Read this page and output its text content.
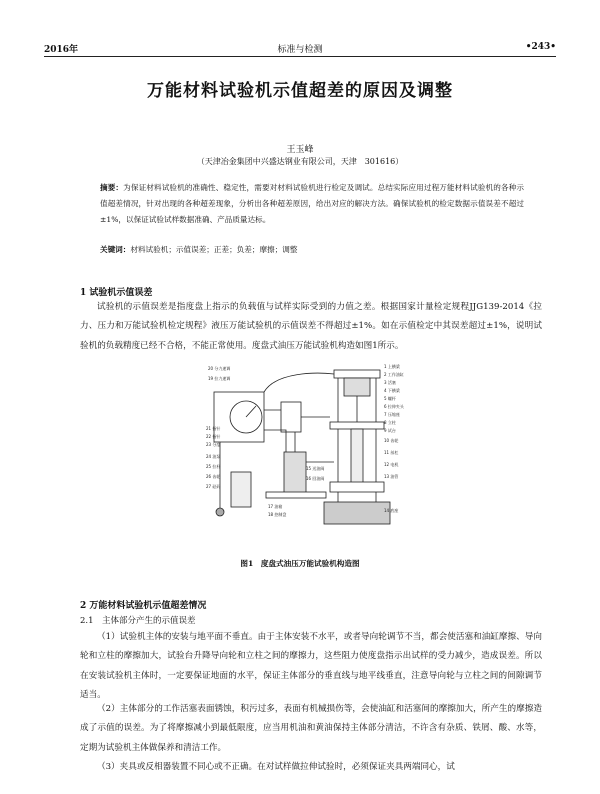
2016年	标准与检测	•243•
万能材料试验机示值超差的原因及调整
王玉峰
（天津冶金集团中兴盛达钢业有限公司，天津　301616）
摘要：为保证材料试验机的准确性、稳定性，需要对材料试验机进行检定及调试。总结实际应用过程万能材料试验机的各种示值超差情况，针对出现的各种超差现象，分析出各种超差原因，给出对应的解决方法。确保试验机的检定数据示值误差不超过±1%，以保证试验试样数据准确、产品质量达标。
关键词：材料试验机；示值误差；正差；负差；摩擦；调整
1 试验机示值误差
试验机的示值误差是指度盘上指示的负载值与试样实际受到的力值之差。根据国家计量检定规程JJG139-2014《拉力、压力和万能试验机检定规程》液压万能试验机的示值误差不得超过±1%。如在示值检定中其误差超过±1%，说明试验机的负载精度已经不合格，不能正常使用。度盘式油压万能试验机构造如图1所示。
20 分力速调
19 拉力速调
21 指针
22 指针
23 分度
24 油泵
25 拉杆
26 齿轮
27 砝码
1 上横梁
2 工作油缸
3 活塞
4 下横梁
5 螺杆
6 拉伸夹头
7 压缩座
8 立柱
9 试台
10 齿轮
11 丝杠
12 电机
13 油管
14 底座
15 送油阀
16 回油阀
17 油箱
18 控制盘
图1　度盘式油压万能试验机构造图
2 万能材料试验机示值超差情况
2.1　主体部分产生的示值误差
（1）试验机主体的安装与地平面不垂直。由于主体安装不水平，或者导向轮调节不当，都会使活塞和油缸摩擦、导向轮和立柱的摩擦加大，试验台升降导向轮和立柱之间的摩擦力，这些阻力使度盘指示出试样的受力减少，造成误差。所以在安装试验机主体时，一定要保证地面的水平，保证主体部分的垂直线与地平线垂直，注意导向轮与立柱之间的间隙调节适当。
（2）主体部分的工作活塞表面锈蚀，积污过多，表面有机械损伤等，会使油缸和活塞间的摩擦加大，所产生的摩擦造成了示值的误差。为了将摩擦减小到最低限度，应当用机油和黄油保持主体部分清洁，不许含有杂质、铁屑、酸、水等，定期为试验机主体做保养和清洁工作。
（3）夹具或反相器装置不同心或不正确。在对试样做拉伸试验时，必须保证夹具两端同心，试
